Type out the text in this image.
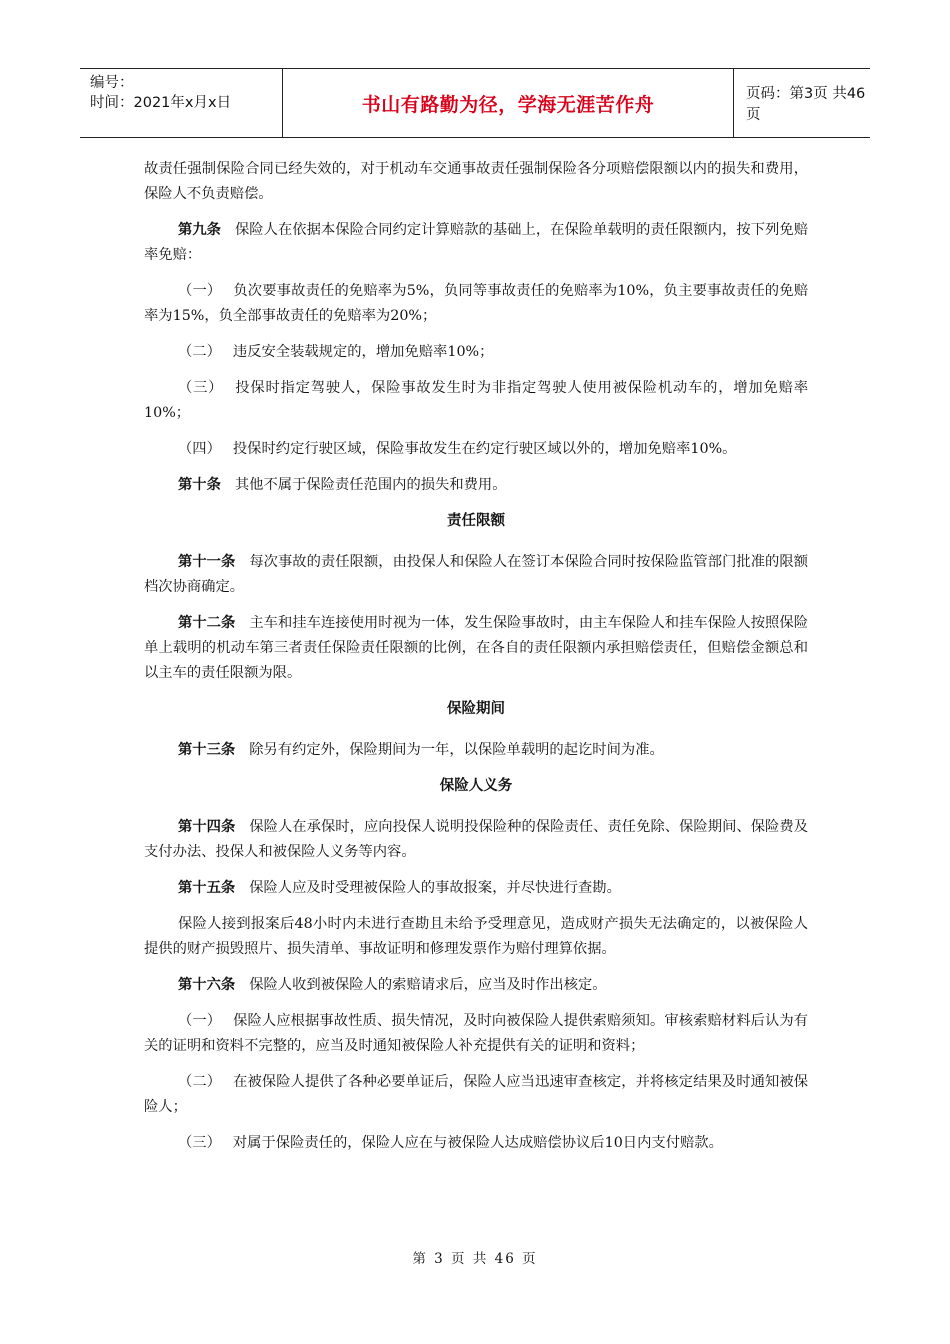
编号：
时间：2021年x月x日	书山有路勤为径，学海无涯苦作舟	页码：第3页 共46页

故责任强制保险合同已经失效的，对于机动车交通事故责任强制保险各分项赔偿限额以内的损失和费用，保险人不负责赔偿。

第九条 保险人在依据本保险合同约定计算赔款的基础上，在保险单载明的责任限额内，按下列免赔率免赔：

（一） 负次要事故责任的免赔率为5%，负同等事故责任的免赔率为10%，负主要事故责任的免赔率为15%，负全部事故责任的免赔率为20%；

（二） 违反安全装载规定的，增加免赔率10%；

（三） 投保时指定驾驶人，保险事故发生时为非指定驾驶人使用被保险机动车的，增加免赔率10%；

（四） 投保时约定行驶区域，保险事故发生在约定行驶区域以外的，增加免赔率10%。

第十条 其他不属于保险责任范围内的损失和费用。

责任限额

第十一条 每次事故的责任限额，由投保人和保险人在签订本保险合同时按保险监管部门批准的限额档次协商确定。

第十二条 主车和挂车连接使用时视为一体，发生保险事故时，由主车保险人和挂车保险人按照保险单上载明的机动车第三者责任保险责任限额的比例，在各自的责任限额内承担赔偿责任，但赔偿金额总和以主车的责任限额为限。

保险期间

第十三条 除另有约定外，保险期间为一年，以保险单载明的起讫时间为准。

保险人义务

第十四条 保险人在承保时，应向投保人说明投保险种的保险责任、责任免除、保险期间、保险费及支付办法、投保人和被保险人义务等内容。

第十五条 保险人应及时受理被保险人的事故报案，并尽快进行查勘。

保险人接到报案后48小时内未进行查勘且未给予受理意见，造成财产损失无法确定的，以被保险人提供的财产损毁照片、损失清单、事故证明和修理发票作为赔付理算依据。

第十六条 保险人收到被保险人的索赔请求后，应当及时作出核定。

（一） 保险人应根据事故性质、损失情况，及时向被保险人提供索赔须知。审核索赔材料后认为有关的证明和资料不完整的，应当及时通知被保险人补充提供有关的证明和资料；

（二） 在被保险人提供了各种必要单证后，保险人应当迅速审查核定，并将核定结果及时通知被保险人；

（三） 对属于保险责任的，保险人应在与被保险人达成赔偿协议后10日内支付赔款。

第 3 页 共 46 页
